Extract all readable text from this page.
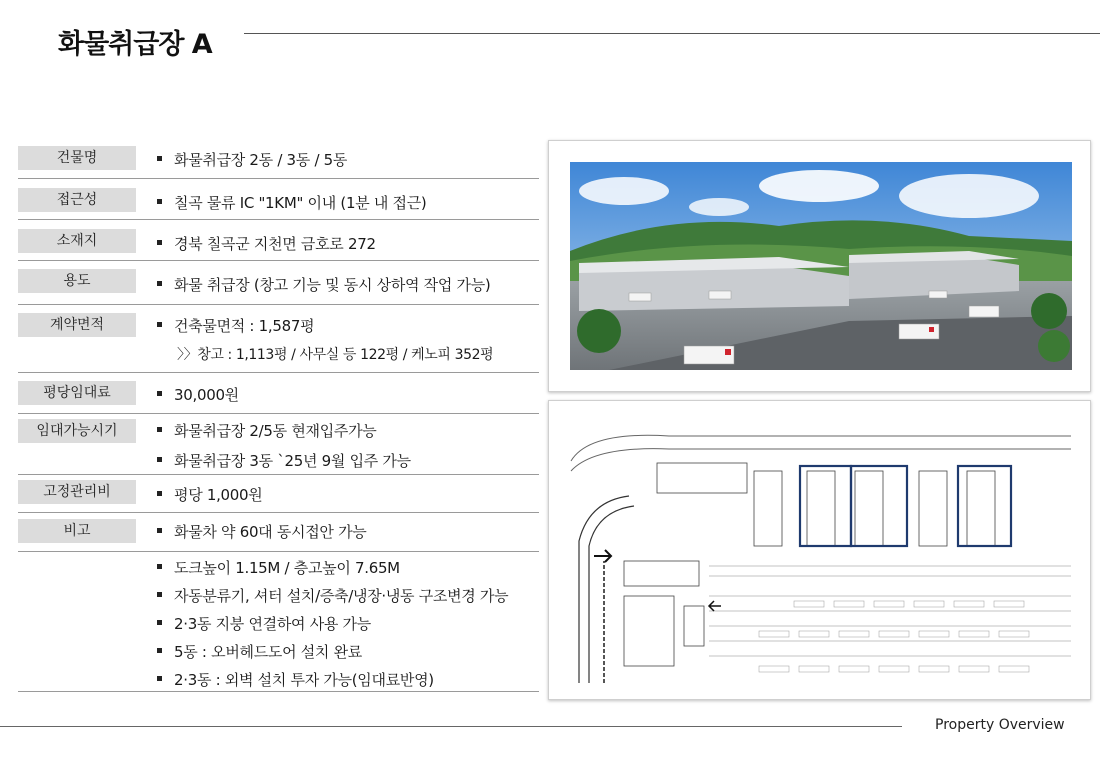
화물취급장 A
건물명	화물취급장 2동 / 3동 / 5동
접근성	칠곡 물류 IC "1KM" 이내 (1분 내 접근)
소재지	경북 칠곡군 지천면 금호로 272
용도	화물 취급장 (창고 기능 및 동시 상하역 작업 가능)
계약면적	건축물면적 : 1,587평
〉〉창고 : 1,113평 / 사무실 등 122평 / 케노피 352평
평당임대료	30,000원
임대가능시기	화물취급장 2/5동 현재입주가능
화물취급장 3동 `25년 9월 입주 가능
고정관리비	평당 1,000원
비고	화물차 약 60대 동시접안 가능
도크높이 1.15M / 층고높이 7.65M
자동분류기, 셔터 설치/증축/냉장·냉동 구조변경 가능
2·3동 지붕 연결하여 사용 가능
5동 : 오버헤드도어 설치 완료
2·3동 : 외벽 설치 투자 가능(임대료반영)
Property Overview
